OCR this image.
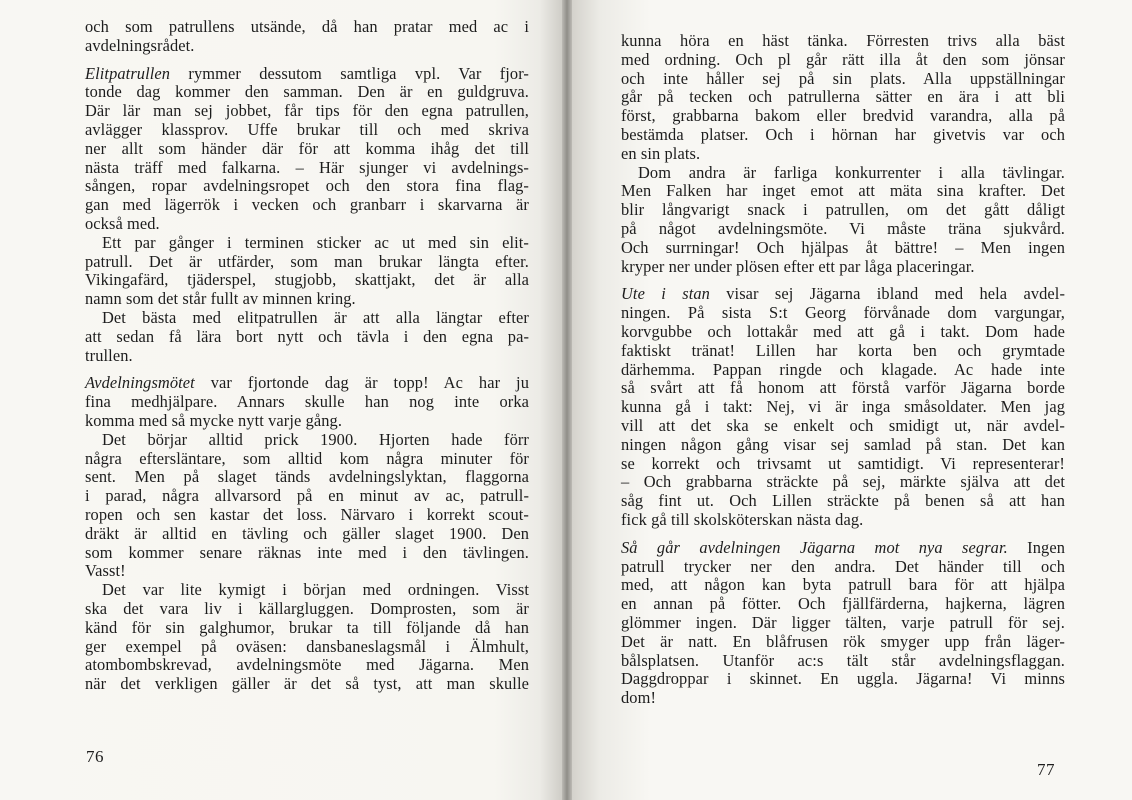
och som patrullens utsände, då han pratar med ac i
avdelningsrådet.
Elitpatrullen rymmer dessutom samtliga vpl. Var fjor-
tonde dag kommer den samman. Den är en guldgruva.
Där lär man sej jobbet, får tips för den egna patrullen,
avlägger klassprov. Uffe brukar till och med skriva
ner allt som händer där för att komma ihåg det till
nästa träff med falkarna. – Här sjunger vi avdelnings-
sången, ropar avdelningsropet och den stora fina flag-
gan med lägerrök i vecken och granbarr i skarvarna är
också med.
Ett par gånger i terminen sticker ac ut med sin elit-
patrull. Det är utfärder, som man brukar längta efter.
Vikingafärd, tjäderspel, stugjobb, skattjakt, det är alla
namn som det står fullt av minnen kring.
Det bästa med elitpatrullen är att alla längtar efter
att sedan få lära bort nytt och tävla i den egna pa-
trullen.
Avdelningsmötet var fjortonde dag är topp! Ac har ju
fina medhjälpare. Annars skulle han nog inte orka
komma med så mycke nytt varje gång.
Det börjar alltid prick 1900. Hjorten hade förr
några eftersläntare, som alltid kom några minuter för
sent. Men på slaget tänds avdelningslyktan, flaggorna
i parad, några allvarsord på en minut av ac, patrull-
ropen och sen kastar det loss. Närvaro i korrekt scout-
dräkt är alltid en tävling och gäller slaget 1900. Den
som kommer senare räknas inte med i den tävlingen.
Vasst!
Det var lite kymigt i början med ordningen. Visst
ska det vara liv i källargluggen. Domprosten, som är
känd för sin galghumor, brukar ta till följande då han
ger exempel på oväsen: dansbaneslagsmål i Älmhult,
atombombskrevad, avdelningsmöte med Jägarna. Men
när det verkligen gäller är det så tyst, att man skulle
76
kunna höra en häst tänka. Förresten trivs alla bäst
med ordning. Och pl går rätt illa åt den som jönsar
och inte håller sej på sin plats. Alla uppställningar
går på tecken och patrullerna sätter en ära i att bli
först, grabbarna bakom eller bredvid varandra, alla på
bestämda platser. Och i hörnan har givetvis var och
en sin plats.
Dom andra är farliga konkurrenter i alla tävlingar.
Men Falken har inget emot att mäta sina krafter. Det
blir långvarigt snack i patrullen, om det gått dåligt
på något avdelningsmöte. Vi måste träna sjukvård.
Och surrningar! Och hjälpas åt bättre! – Men ingen
kryper ner under plösen efter ett par låga placeringar.
Ute i stan visar sej Jägarna ibland med hela avdel-
ningen. På sista S:t Georg förvånade dom vargungar,
korvgubbe och lottakår med att gå i takt. Dom hade
faktiskt tränat! Lillen har korta ben och grymtade
därhemma. Pappan ringde och klagade. Ac hade inte
så svårt att få honom att förstå varför Jägarna borde
kunna gå i takt: Nej, vi är inga småsoldater. Men jag
vill att det ska se enkelt och smidigt ut, när avdel-
ningen någon gång visar sej samlad på stan. Det kan
se korrekt och trivsamt ut samtidigt. Vi representerar!
– Och grabbarna sträckte på sej, märkte själva att det
såg fint ut. Och Lillen sträckte på benen så att han
fick gå till skolsköterskan nästa dag.
Så går avdelningen Jägarna mot nya segrar. Ingen
patrull trycker ner den andra. Det händer till och
med, att någon kan byta patrull bara för att hjälpa
en annan på fötter. Och fjällfärderna, hajkerna, lägren
glömmer ingen. Där ligger tälten, varje patrull för sej.
Det är natt. En blåfrusen rök smyger upp från läger-
bålsplatsen. Utanför ac:s tält står avdelningsflaggan.
Daggdroppar i skinnet. En uggla. Jägarna! Vi minns
dom!
77
